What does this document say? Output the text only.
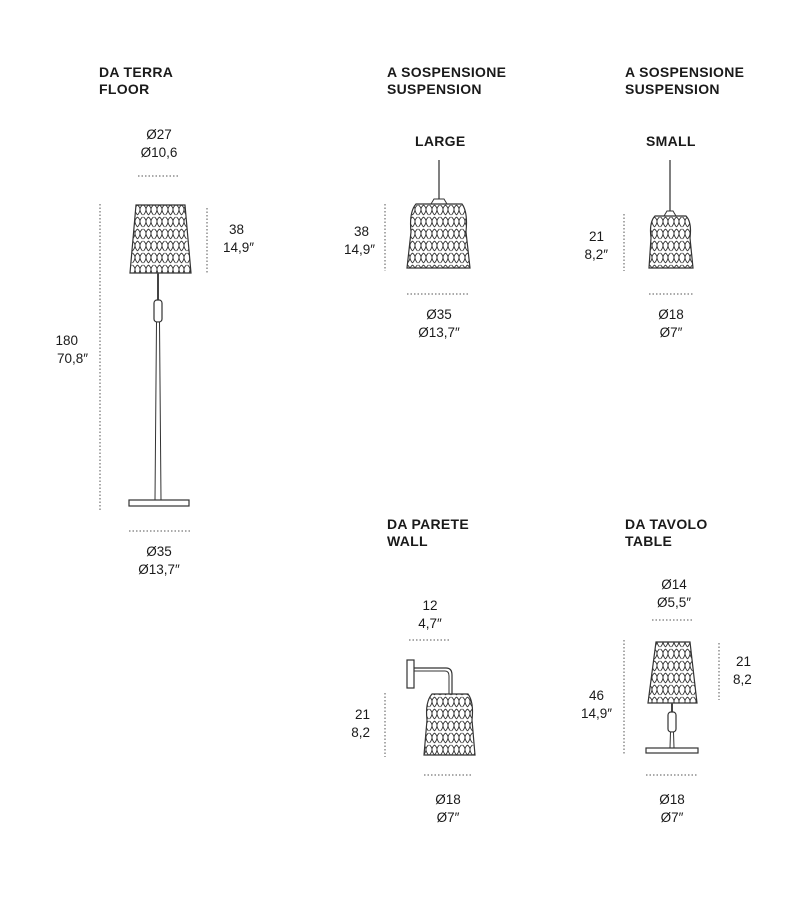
DA TERRA
FLOOR
Ø27
Ø10,6
38
14,9″
180
70,8″
Ø35
Ø13,7″
A SOSPENSIONE
SUSPENSION
LARGE
38
14,9″
Ø35
Ø13,7″
A SOSPENSIONE
SUSPENSION
SMALL
21
8,2″
Ø18
Ø7″
DA PARETE
WALL
12
4,7″
21
8,2
Ø18
Ø7″
DA TAVOLO
TABLE
Ø14
Ø5,5″
46
14,9″
21
8,2
Ø18
Ø7″
